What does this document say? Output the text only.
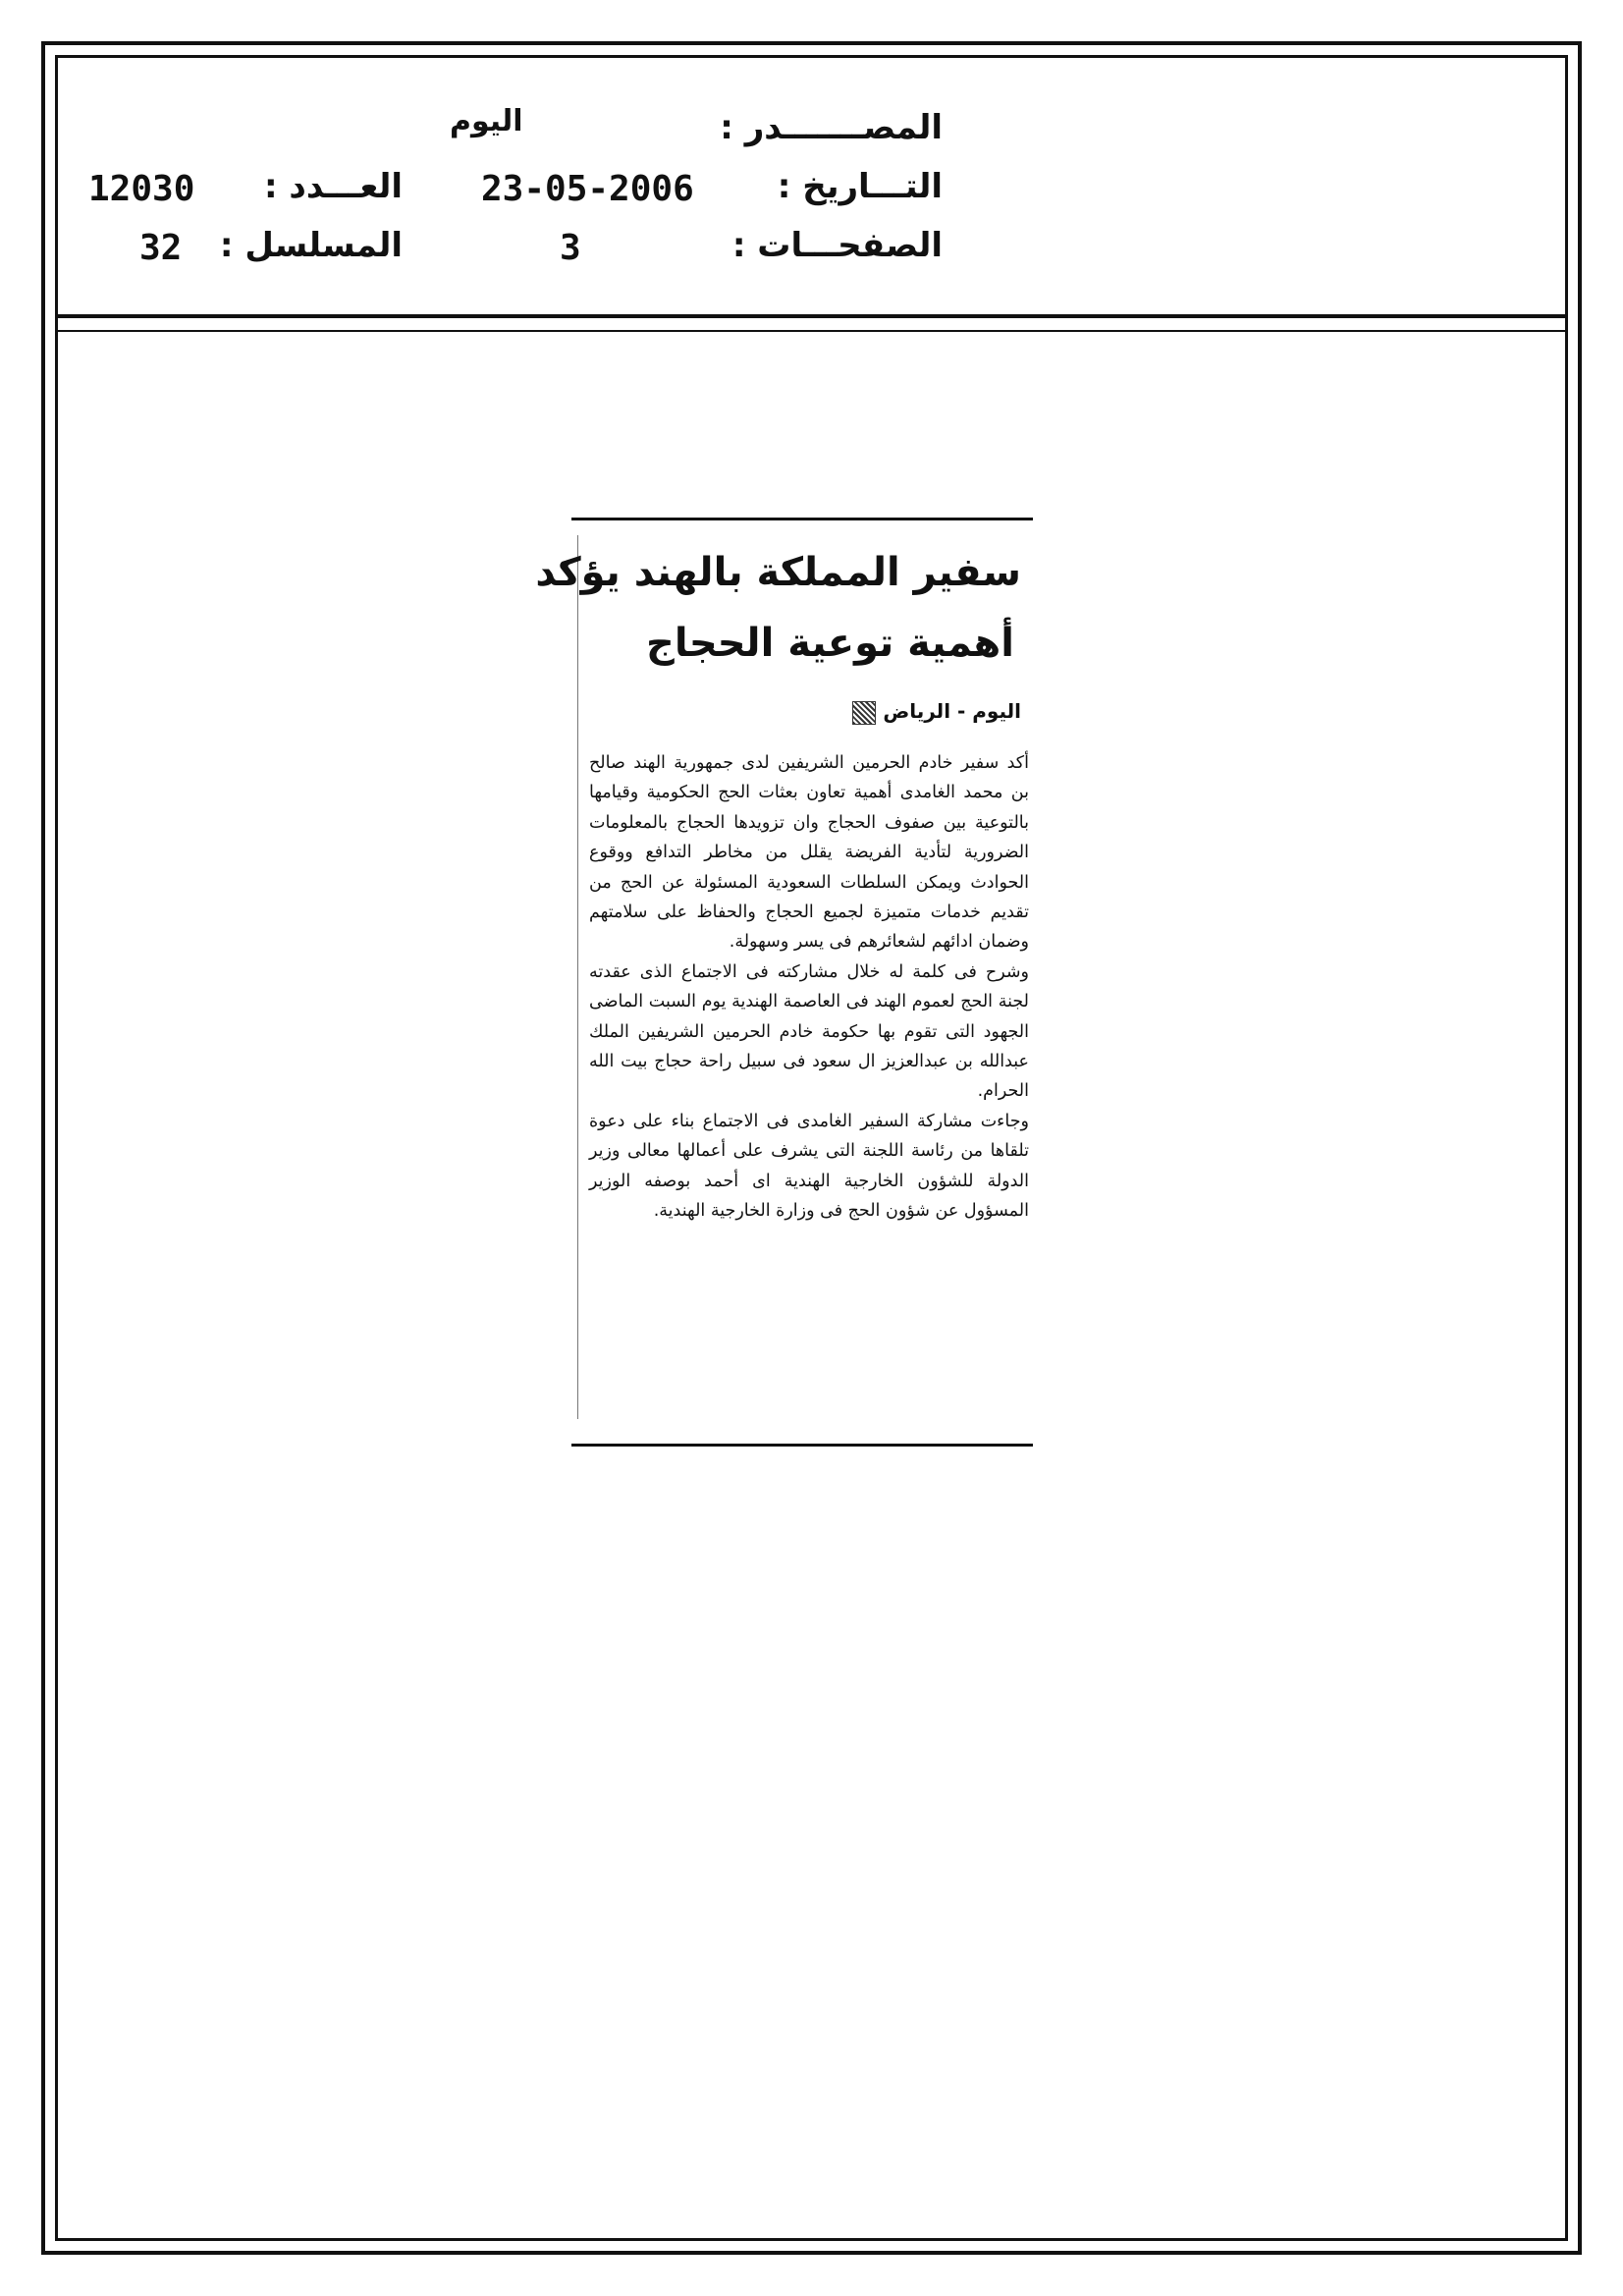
المصـــــــدر :
التـــاريخ :
الصفحـــات :
اليوم
23-05-2006
3
العـــدد :
المسلسل :
12030
32
سفير المملكة بالهند يؤكد
أهمية توعية الحجاج
اليوم - الرياض

أكد سفير خادم الحرمين الشريفين لدى جمهورية الهند صالح بن محمد الغامدى أهمية تعاون بعثات الحج الحكومية وقيامها بالتوعية بين صفوف الحجاج وان تزويدها الحجاج بالمعلومات الضرورية لتأدية الفريضة يقلل من مخاطر التدافع ووقوع الحوادث ويمكن السلطات السعودية المسئولة عن الحج من تقديم خدمات متميزة لجميع الحجاج والحفاظ على سلامتهم وضمان ادائهم لشعائرهم فى يسر وسهولة.

وشرح فى كلمة له خلال مشاركته فى الاجتماع الذى عقدته لجنة الحج لعموم الهند فى العاصمة الهندية يوم السبت الماضى الجهود التى تقوم بها حكومة خادم الحرمين الشريفين الملك عبدالله بن عبدالعزيز ال سعود فى سبيل راحة حجاج بيت الله الحرام.

وجاءت مشاركة السفير الغامدى فى الاجتماع بناء على دعوة تلقاها من رئاسة اللجنة التى يشرف على أعمالها معالى وزير الدولة للشؤون الخارجية الهندية اى أحمد بوصفه الوزير المسؤول عن شؤون الحج فى وزارة الخارجية الهندية.
